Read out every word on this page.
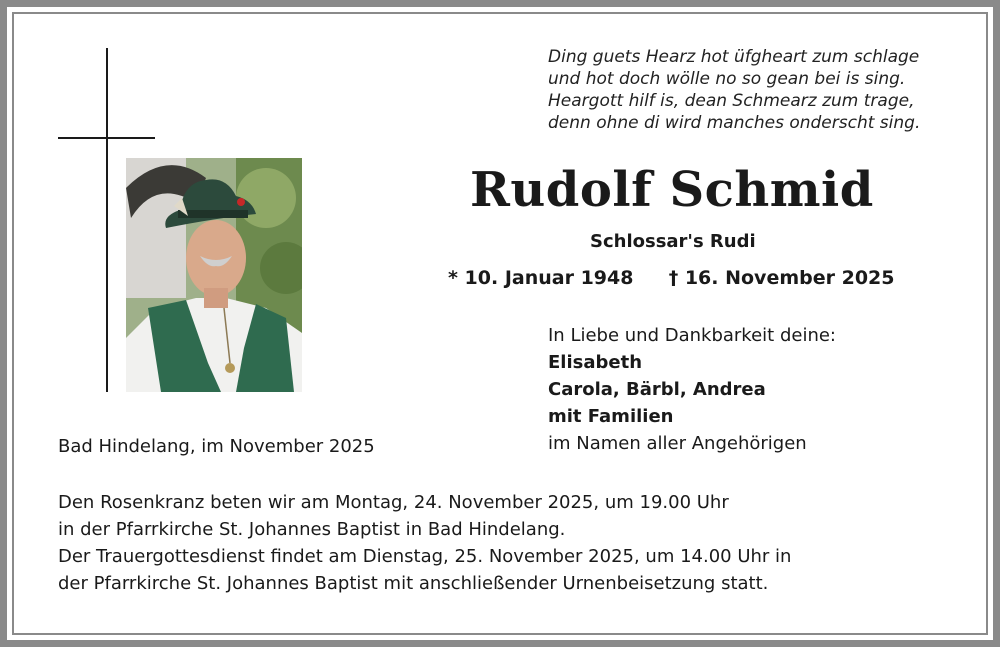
Ding guets Hearz hot üfgheart zum schlage
und hot doch wölle no so gean bei is sing.
Heargott hilf is, dean Schmearz zum trage,
denn ohne di wird manches onderscht sing.
Rudolf Schmid
Schlossar's Rudi
* 10. Januar 1948 † 16. November 2025
In Liebe und Dankbarkeit deine:
Elisabeth
Carola, Bärbl, Andrea
mit Familien
im Namen aller Angehörigen
Bad Hindelang, im November 2025
Den Rosenkranz beten wir am Montag, 24. November 2025, um 19.00 Uhr
in der Pfarrkirche St. Johannes Baptist in Bad Hindelang.
Der Trauergottesdienst findet am Dienstag, 25. November 2025, um 14.00 Uhr in
der Pfarrkirche St. Johannes Baptist mit anschließender Urnenbeisetzung statt.
